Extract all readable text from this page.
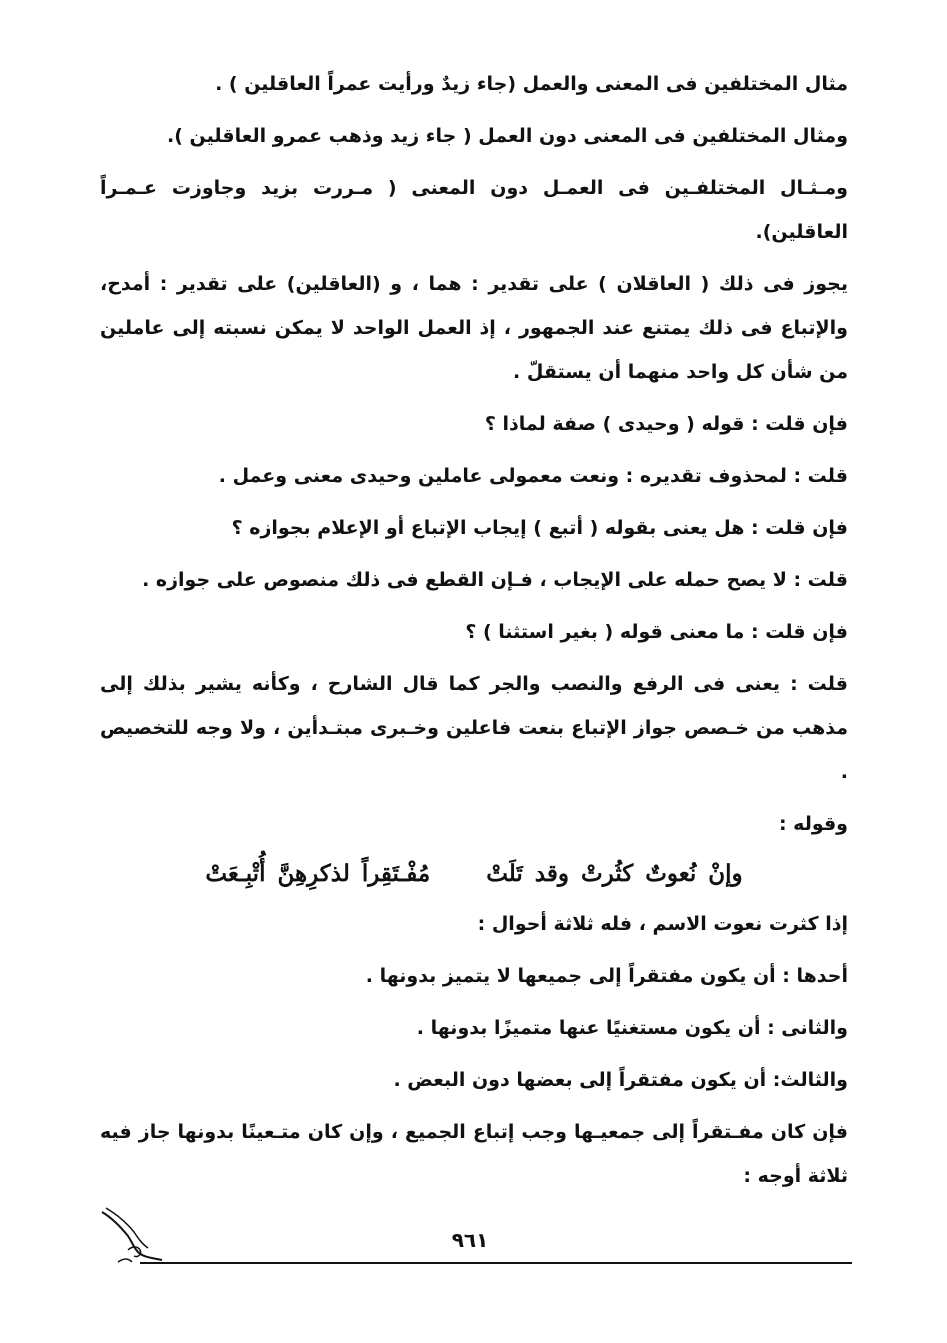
مثال المختلفين فى المعنى والعمل (جاء زيدٌ ورأيت عمراً العاقلين ) .

ومثال المختلفين فى المعنى دون العمل ( جاء زيد وذهب عمرو العاقلين ).

ومـثـال المختلفـين فى العمـل دون المعنى ( مـررت بزيد وجاوزت عـمـراً العاقلين).

يجوز فى ذلك ( العاقلان ) على تقدير : هما ، و (العاقلين) على تقدير : أمدح، والإتباع فى ذلك يمتنع عند الجمهور ، إذ العمل الواحد لا يمكن نسبته إلى عاملين من شأن كل واحد منهما أن يستقلّ .

فإن قلت : قوله ( وحيدى ) صفة لماذا ؟

قلت : لمحذوف تقديره : ونعت معمولى عاملين وحيدى معنى وعمل .

فإن قلت : هل يعنى بقوله ( أتبع ) إيجاب الإتباع أو الإعلام بجوازه ؟

قلت : لا يصح حمله على الإيجاب ، فـإن القطع فى ذلك منصوص على جوازه .

فإن قلت : ما معنى قوله ( بغير استثنا ) ؟

قلت : يعنى فى الرفع والنصب والجر كما قال الشارح ، وكأنه يشير بذلك إلى مذهب من خـصص جواز الإتباع بنعت فاعلين وخـبرى مبتـدأين ، ولا وجه للتخصيص .

وقوله :

وإنْ نُعوتٌ كثُرتْ وقد تَلَتْ مُفْـتَقِراً لذكرِهِنَّ أُتْبِـعَتْ

إذا كثرت نعوت الاسم ، فله ثلاثة أحوال :

أحدها : أن يكون مفتقراً إلى جميعها لا يتميز بدونها .

والثانى : أن يكون مستغنيًا عنها متميزًا بدونها .

والثالث: أن يكون مفتقراً إلى بعضها دون البعض .

فإن كان مفـتقراً إلى جمعيـها وجب إتباع الجميع ، وإن كان متـعينًا بدونها جاز فيه ثلاثة أوجه :

٩٦١
